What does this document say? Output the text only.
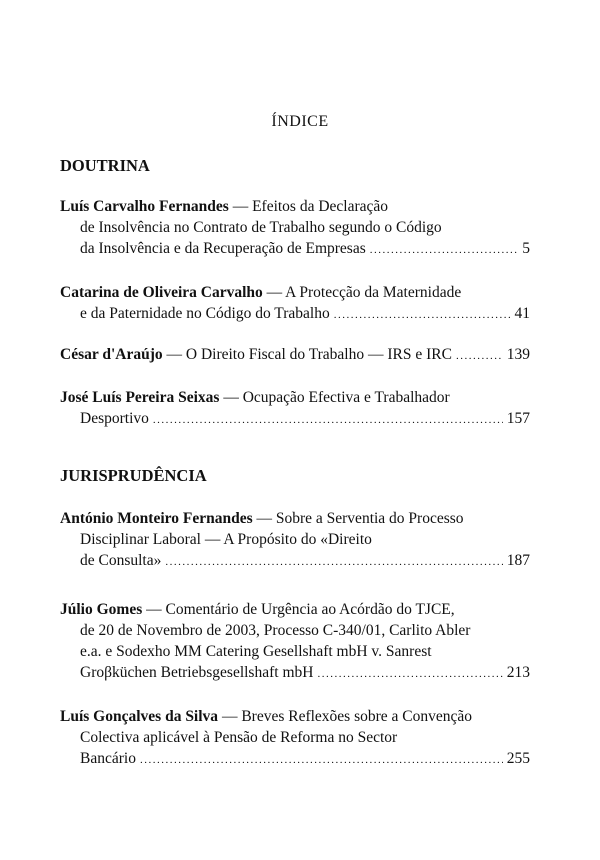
ÍNDICE
DOUTRINA
Luís Carvalho Fernandes — Efeitos da Declaração
de Insolvência no Contrato de Trabalho segundo o Código
da Insolvência e da Recuperação de Empresas .....	5
Catarina de Oliveira Carvalho — A Protecção da Maternidade
e da Paternidade no Código do Trabalho .....	41
César d'Araújo — O Direito Fiscal do Trabalho — IRS e IRC .....	139
José Luís Pereira Seixas — Ocupação Efectiva e Trabalhador
Desportivo .....	157
JURISPRUDÊNCIA
António Monteiro Fernandes — Sobre a Serventia do Processo
Disciplinar Laboral — A Propósito do «Direito
de Consulta» .....	187
Júlio Gomes — Comentário de Urgência ao Acórdão do TJCE,
de 20 de Novembro de 2003, Processo C-340/01, Carlito Abler
e.a. e Sodexho MM Catering Gesellshaft mbH v. Sanrest
Groβküchen Betriebsgesellshaft mbH .....	213
Luís Gonçalves da Silva — Breves Reflexões sobre a Convenção
Colectiva aplicável à Pensão de Reforma no Sector
Bancário .....	255
